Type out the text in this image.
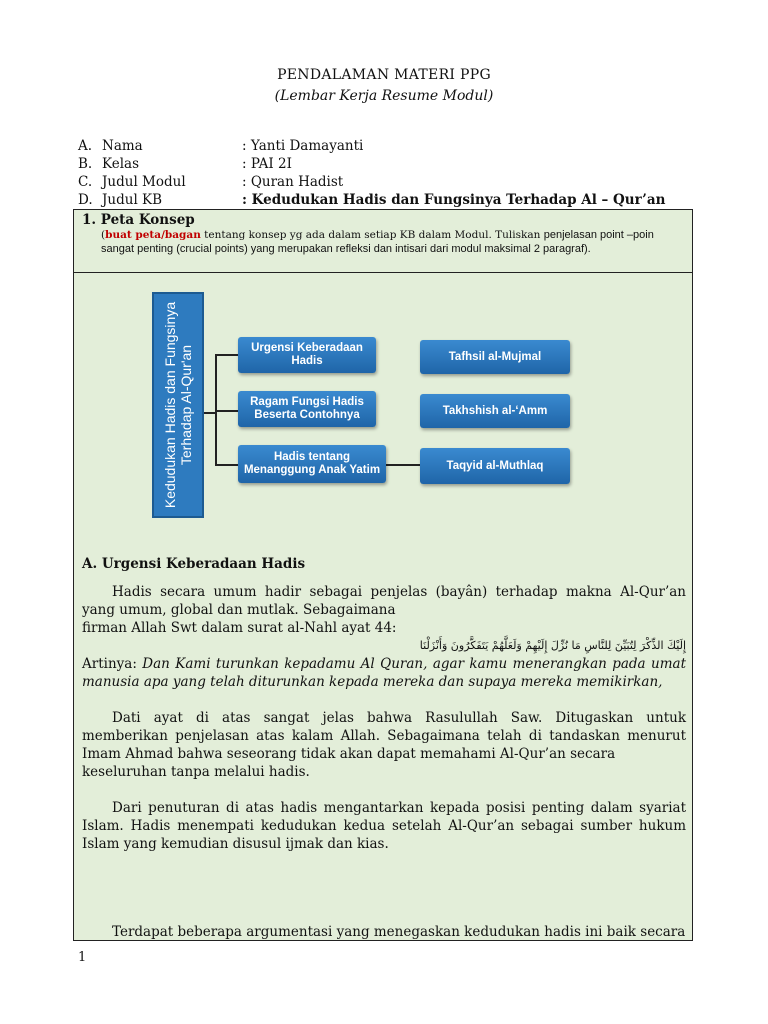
PENDALAMAN MATERI PPG
(Lembar Kerja Resume Modul)
A. Nama	: Yanti Damayanti
B. Kelas	: PAI 2I
C. Judul Modul	: Quran Hadist
D. Judul KB	: Kedudukan Hadis dan Fungsinya Terhadap Al – Qur’an
1. Peta Konsep
(buat peta/bagan tentang konsep yg ada dalam setiap KB dalam Modul. Tuliskan penjelasan point –poin sangat penting (crucial points) yang merupakan refleksi dan intisari dari modul maksimal 2 paragraf).
Kedudukan Hadis dan Fungsinya Terhadap Al-Qur'an	Urgensi Keberadaan Hadis
Ragam Fungsi Hadis Beserta Contohnya
Hadis tentang Menanggung Anak Yatim
Tafhsil al-Mujmal
Takhshish al-‘Amm
Taqyid al-Muthlaq
A. Urgensi Keberadaan Hadis

Hadis secara umum hadir sebagai penjelas (bayân) terhadap makna Al-Qur’an yang umum, global dan mutlak. Sebagaimana

firman Allah Swt dalam surat al-Nahl ayat 44:

إِلَيْكَ الذِّكْرَ لِتُبَيِّنَ لِلنَّاسِ مَا نُزِّلَ إِلَيْهِمْ وَلَعَلَّهُمْ يَتَفَكَّرُونَ وَأَنْزَلْنَا

Artinya: Dan Kami turunkan kepadamu Al Quran, agar kamu menerangkan pada umat manusia apa yang telah diturunkan kepada mereka dan supaya mereka memikirkan,

Dati ayat di atas sangat jelas bahwa Rasulullah Saw. Ditugaskan untuk memberikan penjelasan atas kalam Allah. Sebagaimana telah di tandaskan menurut Imam Ahmad bahwa seseorang tidak akan dapat memahami Al-Qur’an secara

keseluruhan tanpa melalui hadis.

Dari penuturan di atas hadis mengantarkan kepada posisi penting dalam syariat Islam. Hadis menempati kedudukan kedua setelah Al-Qur’an sebagai sumber hukum Islam yang kemudian disusul ijmak dan kias.

Terdapat beberapa argumentasi yang menegaskan kedudukan hadis ini baik secara

1
